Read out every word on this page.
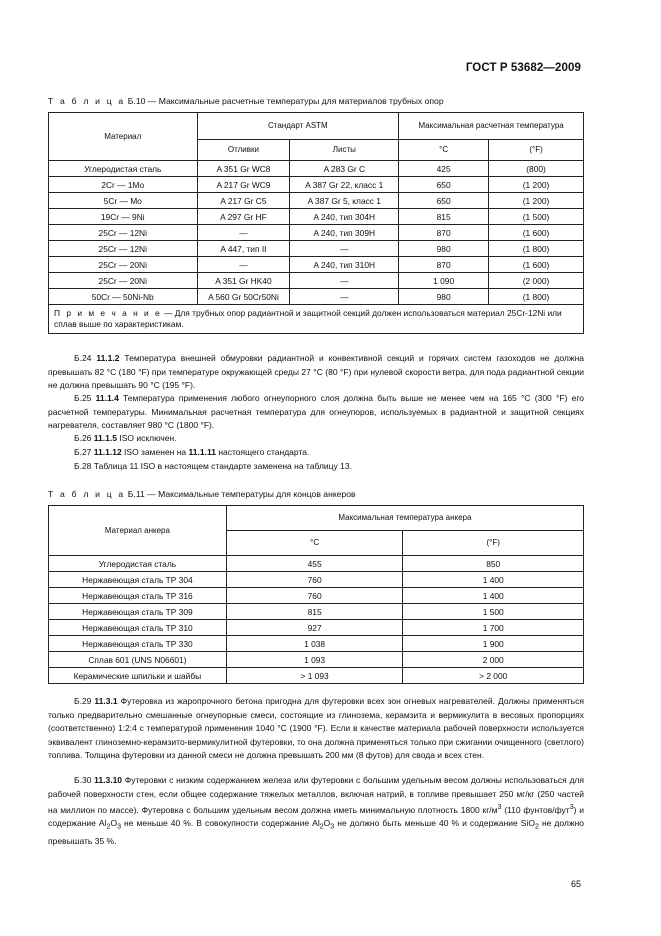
ГОСТ Р 53682—2009
Т а б л и ц а Б.10 — Максимальные расчетные температуры для материалов трубных опор
Материал	Стандарт ASTM		Максимальная расчетная температура	
	Отливки	Листы	°C	(°F)
Углеродистая сталь	A 351 Gr WC8	A 283 Gr C	425	(800)
2Cr — 1Mo	A 217 Gr WC9	A 387 Gr 22, класс 1	650	(1 200)
5Cr — Mo	A 217 Gr C5	A 387 Gr 5, класс 1	650	(1 200)
19Cr — 9Ni	A 297 Gr HF	A 240, тип 304H	815	(1 500)
25Cr — 12Ni	—	A 240, тип 309H	870	(1 600)
25Cr — 12Ni	A 447, тип II	—	980	(1 800)
25Cr — 20Ni	—	A 240, тип 310H	870	(1 600)
25Cr — 20Ni	A 351 Gr HK40	—	1 090	(2 000)
50Cr — 50Ni-Nb	A 560 Gr 50Cr50Ni	—	980	(1 800)
П р и м е ч а н и е — Для трубных опор радиантной и защитной секций должен использоваться материал 25Cr-12Ni или сплав выше по характеристикам.				

Б.24 11.1.2 Температура внешней обмуровки радиантной и конвективной секций и горячих систем газоходов не должна превышать 82 °C (180 °F) при температуре окружающей среды 27 °C (80 °F) при нулевой скорости ветра, для пода радиантной секции не должна превышать 90 °C (195 °F).

Б.25 11.1.4 Температура применения любого огнеупорного слоя должна быть выше не менее чем на 165 °C (300 °F) его расчетной температуры. Минимальная расчетная температура для огнеупоров, используемых в радиантной и защитной секциях нагревателя, составляет 980 °C (1800 °F).

Б.26 11.1.5 ISO исключен.

Б.27 11.1.12 ISO заменен на 11.1.11 настоящего стандарта.

Б.28 Таблица 11 ISO в настоящем стандарте заменена на таблицу 13.

Т а б л и ц а Б.11 — Максимальные температуры для концов анкеров
Материал анкера	Максимальная температура анкера	
	°C	(°F)
Углеродистая сталь	455	850
Нержавеющая сталь ТР 304	760	1 400
Нержавеющая сталь ТР 316	760	1 400
Нержавеющая сталь ТР 309	815	1 500
Нержавеющая сталь ТР 310	927	1 700
Нержавеющая сталь ТР 330	1 038	1 900
Сплав 601 (UNS N06601)	1 093	2 000
Керамические шпильки и шайбы	> 1 093	> 2 000

Б.29 11.3.1 Футеровка из жаропрочного бетона пригодна для футеровки всех зон огневых нагревателей. Должны применяться только предварительно смешанные огнеупорные смеси, состоящие из глинозема, керамзита и вермикулита в весовых пропорциях (соответственно) 1:2:4 с температурой применения 1040 °C (1900 °F). Если в качестве материала рабочей поверхности используется эквивалент глиноземно-керамзито-вермикулитной футеровки, то она должна применяться только при сжигании очищенного (светлого) топлива. Толщина футеровки из данной смеси не должна превышать 200 мм (8 футов) для свода и всех стен.

Б.30 11.3.10 Футеровки с низким содержанием железа или футеровки с большим удельным весом должны использоваться для рабочей поверхности стен, если общее содержание тяжелых металлов, включая натрий, в топливе превышает 250 мг/кг (250 частей на миллион по массе). Футеровка с большим удельным весом должна иметь минимальную плотность 1800 $кг/м^3$ (110 фунтов/фут$^3$) и содержание $Al_2O_3$ не меньше 40 %. В совокупности содержание $Al_2O_3$ не должно быть меньше 40 % и содержание SiO$_2$ не должно превышать 35 %.

65
